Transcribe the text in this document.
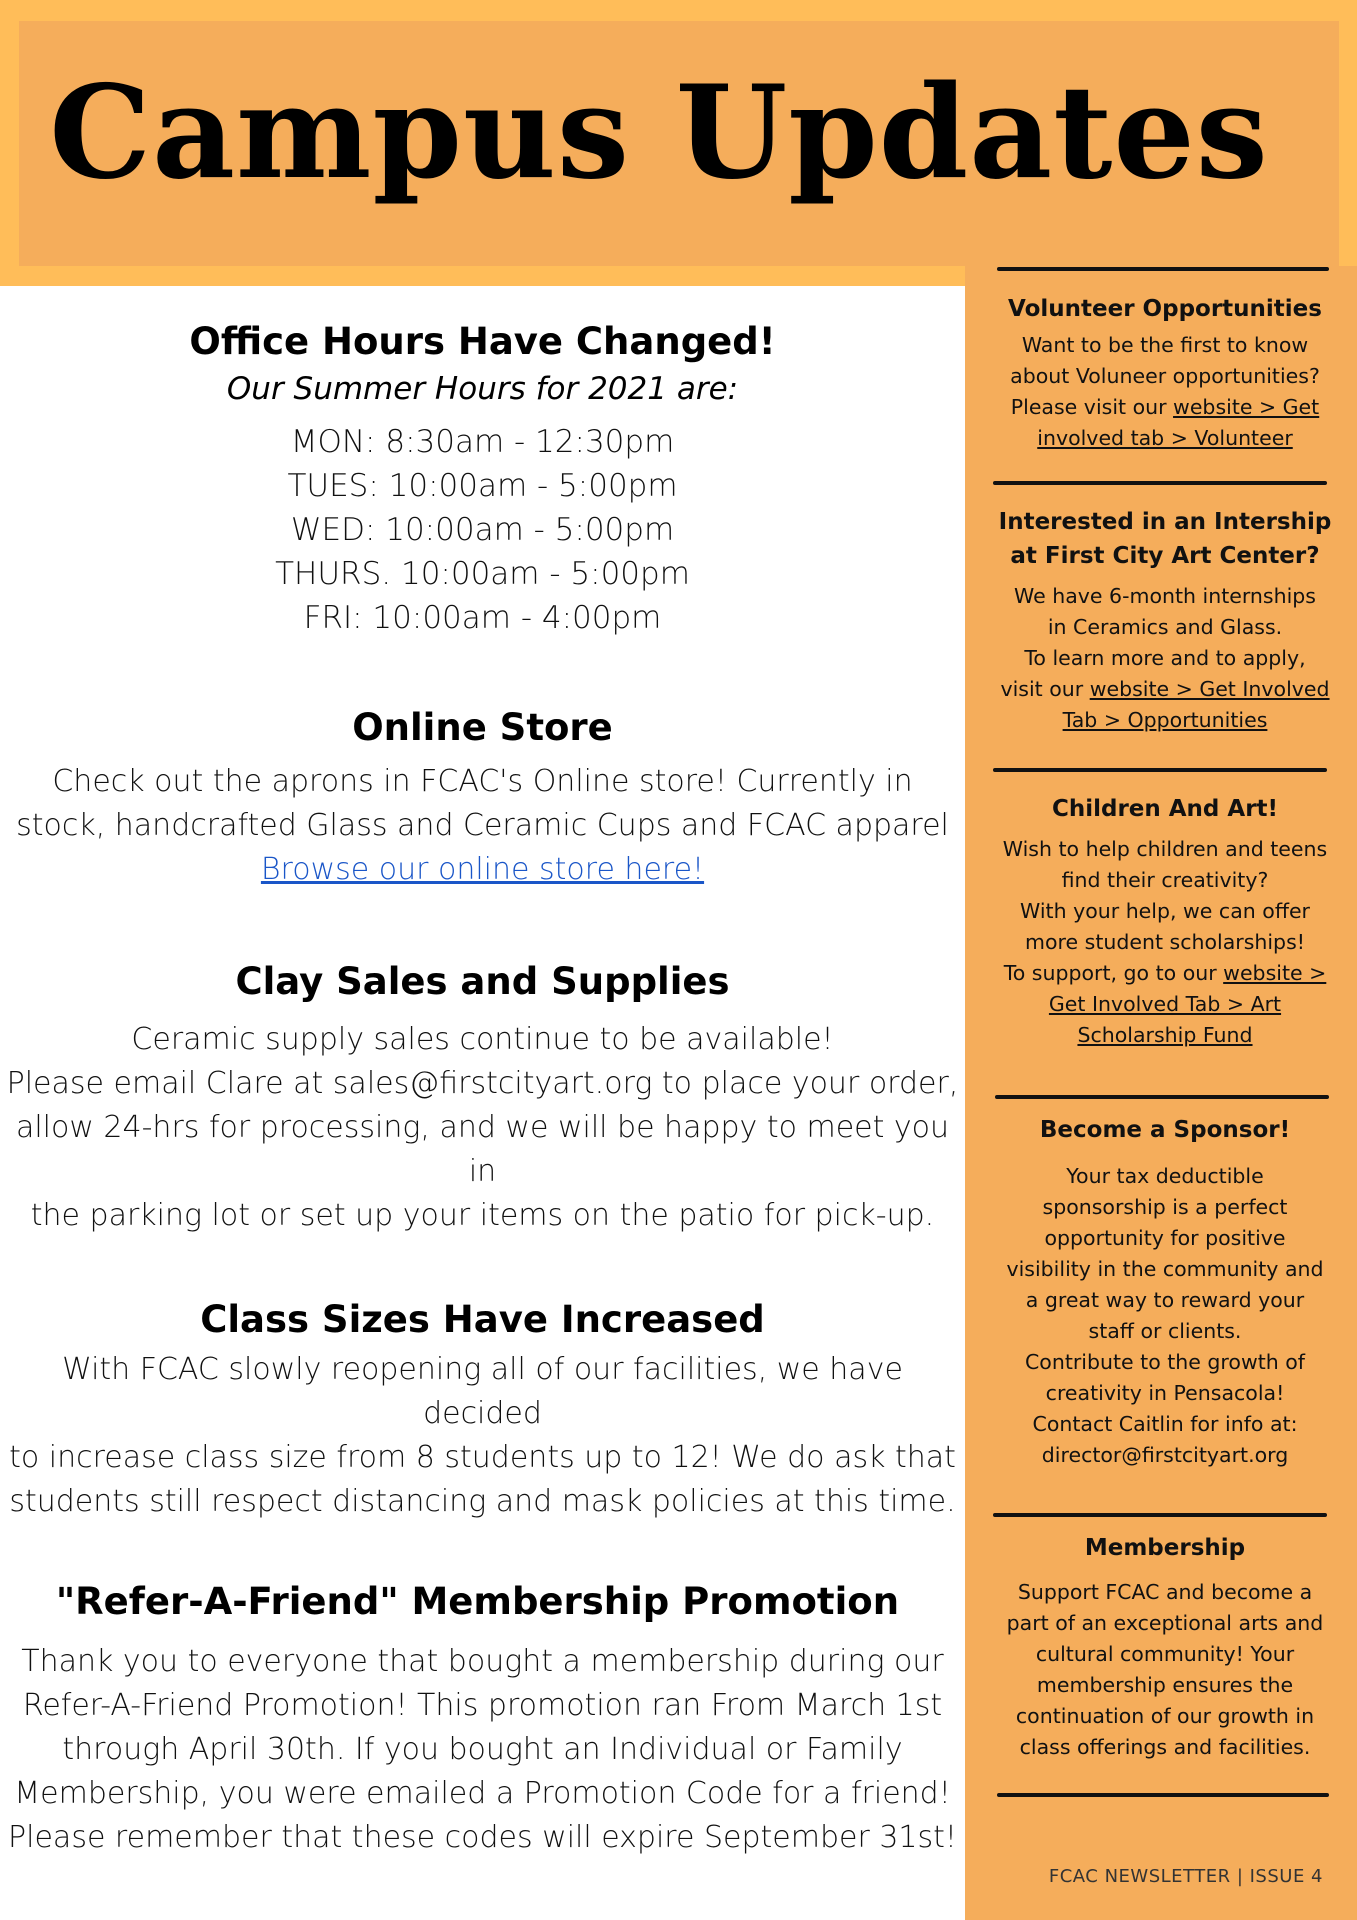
Campus Updates
Office Hours Have Changed!
Our Summer Hours for 2021 are:
MON: 8:30am - 12:30pm
TUES: 10:00am - 5:00pm
WED: 10:00am - 5:00pm
THURS. 10:00am - 5:00pm
FRI: 10:00am - 4:00pm
Online Store

Check out the aprons in FCAC's Online store! Currently in

stock, handcrafted Glass and Ceramic Cups and FCAC apparel

Browse our online store here!
Clay Sales and Supplies

Ceramic supply sales continue to be available!

Please email Clare at sales@firstcityart.org to place your order,

allow 24-hrs for processing, and we will be happy to meet you in

the parking lot or set up your items on the patio for pick-up.

Class Sizes Have Increased

With FCAC slowly reopening all of our facilities, we have decided

to increase class size from 8 students up to 12! We do ask that

students still respect distancing and mask policies at this time.

"Refer-A-Friend" Membership Promotion

Thank you to everyone that bought a membership during our

Refer-A-Friend Promotion! This promotion ran From March 1st

through April 30th. If you bought an Individual or Family

Membership, you were emailed a Promotion Code for a friend!

Please remember that these codes will expire September 31st!

Volunteer Opportunities
Want to be the first to know
about Voluneer opportunities?
Please visit our website > Get
involved tab > Volunteer
Interested in an Intership
at First City Art Center?
We have 6-month internships
in Ceramics and Glass.
To learn more and to apply,
visit our website > Get Involved
Tab > Opportunities
Children And Art!
Wish to help children and teens
find their creativity?
With your help, we can offer
more student scholarships!
To support, go to our website >
Get Involved Tab > Art
Scholarship Fund
Become a Sponsor!
Your tax deductible
sponsorship is a perfect
opportunity for positive
visibility in the community and
a great way to reward your
staff or clients.
Contribute to the growth of
creativity in Pensacola!
Contact Caitlin for info at:
director@firstcityart.org
Membership
Support FCAC and become a
part of an exceptional arts and
cultural community! Your
membership ensures the
continuation of our growth in
class offerings and facilities.
FCAC NEWSLETTER | ISSUE 4
